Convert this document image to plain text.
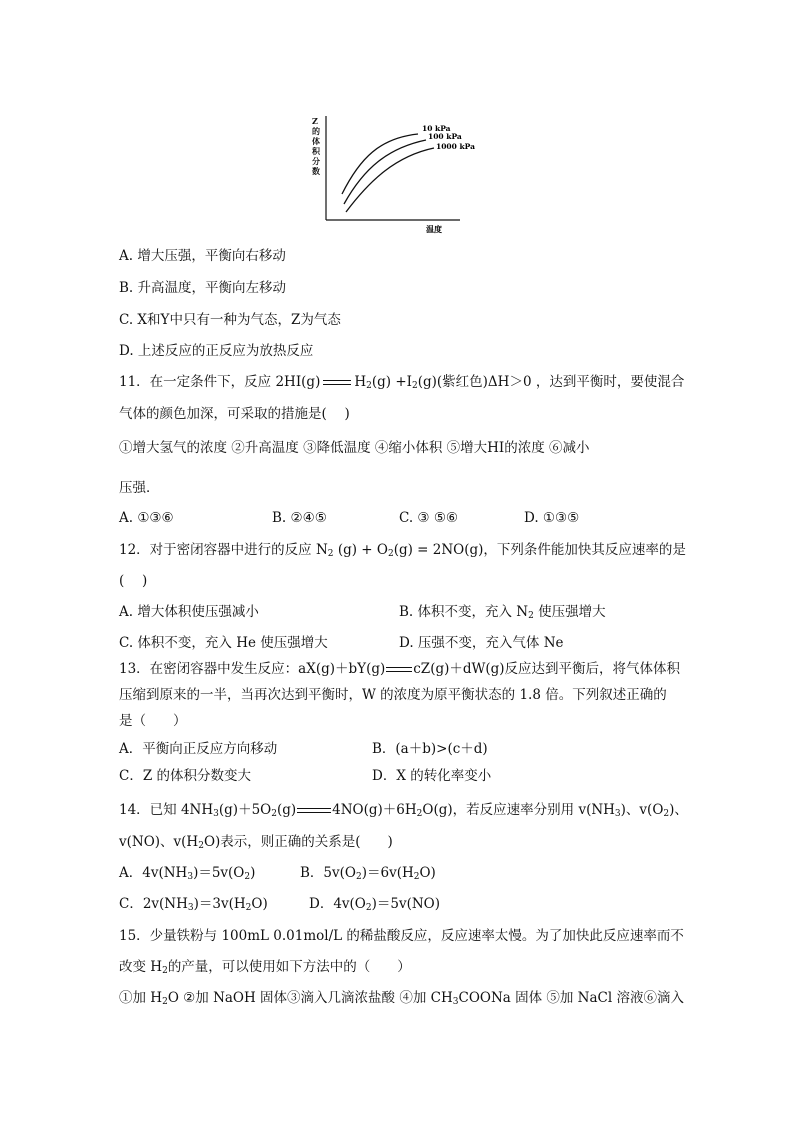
10 kPa
100 kPa
1000 kPa
温度
Z的体积分数
A. 增大压强，平衡向右移动
B. 升高温度，平衡向左移动
C. X和Y中只有一种为气态，Z为气态
D. 上述反应的正反应为放热反应
11．在一定条件下，反应 2HI(g)	$H_2(g) +I_2(g)$(紫红色)ΔH＞0 ，达到平衡时，要使混合
气体的颜色加深，可采取的措施是(　 )
①增大氢气的浓度 ②升高温度 ③降低温度 ④缩小体积 ⑤增大HI的浓度 ⑥减小
压强．
A. ①③⑥	B. ②④⑤	C. ③ ⑤⑥	D. ①③⑤
12．对于密闭容器中进行的反应 $N_2$ $(g) + O_2(g) = 2NO(g)$，下列条件能加快其反应速率的是
(　 )
A. 增大体积使压强减小	B. 体积不变，充入 $N_2$ 使压强增大
C. 体积不变，充入 He 使压强增大	D. 压强不变，充入气体 Ne
13．在密闭容器中发生反应：aX(g)＋bY(g) cZ(g)＋dW(g)反应达到平衡后，将气体体积
压缩到原来的一半，当再次达到平衡时，W 的浓度为原平衡状态的 1.8 倍。下列叙述正确的
是（　　）
A．平衡向正反应方向移动	B．(a＋b)>(c＋d)
C．Z 的体积分数变大	D．X 的转化率变小
14．已知 $4NH_3(g)+5O_2(g)$	$4NO(g)+6H_2O(g)$，若反应速率分别用 $v(NH_3)$、$v(O_2)$、
v(NO)、$v(H_2O)$表示，则正确的关系是(　　)
A．$4v(NH_3)=5v(O_2)$	B．$5v(O_2)=6v(H_2O)$
C．$2v(NH_3)=3v(H_2O)$	D．$4v(O_2)=5v(NO)$
15．少量铁粉与 100mL 0.01mol/L 的稀盐酸反应，反应速率太慢。为了加快此反应速率而不
改变 $H_2$的产量，可以使用如下方法中的（　　）
①加 $H_2O$ ②加 NaOH 固体③滴入几滴浓盐酸 ④加 $CH_3COONa$ 固体 ⑤加 NaCl 溶液⑥滴入
